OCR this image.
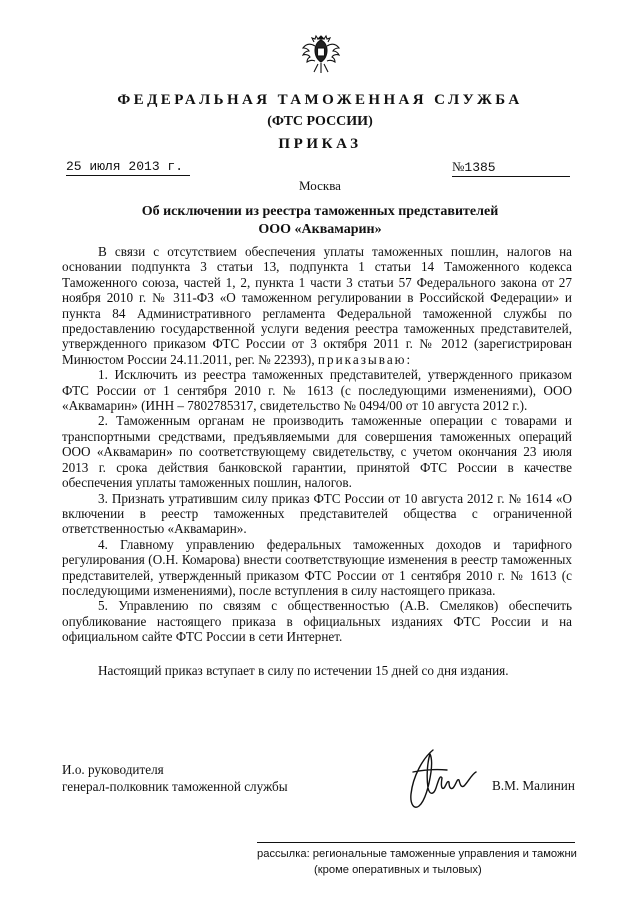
ФЕДЕРАЛЬНАЯ ТАМОЖЕННАЯ СЛУЖБА
(ФТС РОССИИ)
ПРИКАЗ
25 июля 2013 г.	№1385
Москва
Об исключении из реестра таможенных представителей
ООО «Аквамарин»

В связи с отсутствием обеспечения уплаты таможенных пошлин, налогов на основании подпункта 3 статьи 13, подпункта 1 статьи 14 Таможенного кодекса Таможенного союза, частей 1, 2, пункта 1 части 3 статьи 57 Федерального закона от 27 ноября 2010 г. № 311-ФЗ «О таможенном регулировании в Российской Федерации» и пункта 84 Административного регламента Федеральной таможенной службы по предоставлению государственной услуги ведения реестра таможенных представителей, утвержденного приказом ФТС России от 3 октября 2011 г. № 2012 (зарегистрирован Минюстом России 24.11.2011, рег. № 22393), приказываю:

1. Исключить из реестра таможенных представителей, утвержденного приказом ФТС России от 1 сентября 2010 г. № 1613 (с последующими изменениями), ООО «Аквамарин» (ИНН – 7802785317, свидетельство № 0494/00 от 10 августа 2012 г.).

2. Таможенным органам не производить таможенные операции с товарами и транспортными средствами, предъявляемыми для совершения таможенных операций ООО «Аквамарин» по соответствующему свидетельству, с учетом окончания 23 июля 2013 г. срока действия банковской гарантии, принятой ФТС России в качестве обеспечения уплаты таможенных пошлин, налогов.

3. Признать утратившим силу приказ ФТС России от 10 августа 2012 г. № 1614 «О включении в реестр таможенных представителей общества с ограниченной ответственностью «Аквамарин».

4. Главному управлению федеральных таможенных доходов и тарифного регулирования (О.Н. Комарова) внести соответствующие изменения в реестр таможенных представителей, утвержденный приказом ФТС России от 1 сентября 2010 г. № 1613 (с последующими изменениями), после вступления в силу настоящего приказа.

5. Управлению по связям с общественностью (А.В. Смеляков) обеспечить опубликование настоящего приказа в официальных изданиях ФТС России и на официальном сайте ФТС России в сети Интернет.

Настоящий приказ вступает в силу по истечении 15 дней со дня издания.

И.о. руководителя
генерал-полковник таможенной службы	В.М. Малинин
рассылка: региональные таможенные управления и таможни
(кроме оперативных и тыловых)
